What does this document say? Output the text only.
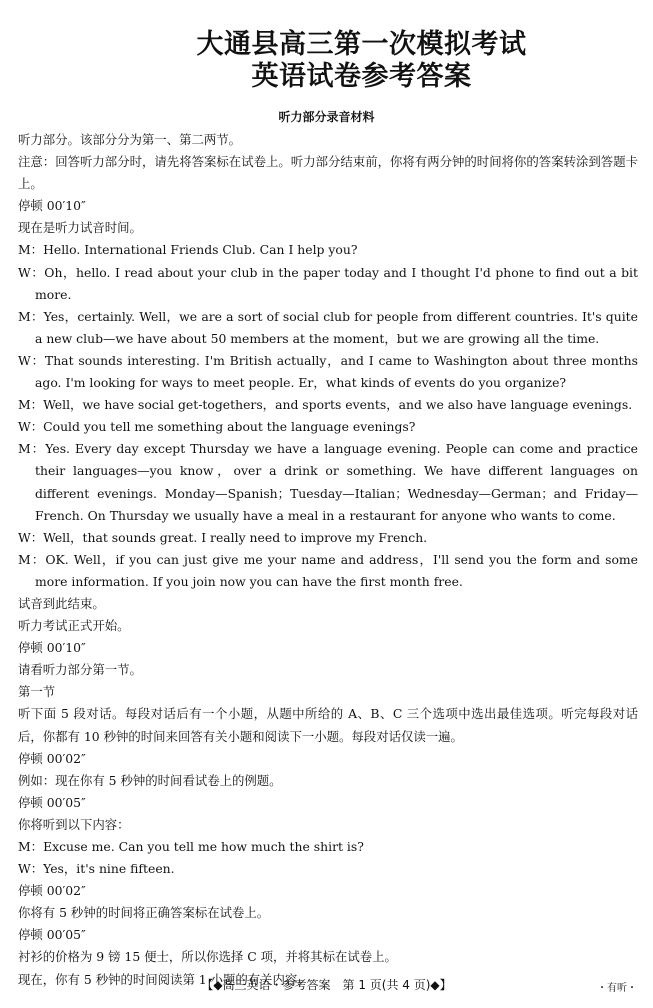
大通县高三第一次模拟考试
英语试卷参考答案
听力部分录音材料

听力部分。该部分分为第一、第二两节。

注意：回答听力部分时，请先将答案标在试卷上。听力部分结束前，你将有两分钟的时间将你的答案转涂到答题卡上。

停顿 00′10″

现在是听力试音时间。

M：Hello. International Friends Club. Can I help you?

W：Oh，hello. I read about your club in the paper today and I thought I'd phone to find out a bit more.

M：Yes，certainly. Well，we are a sort of social club for people from different countries. It's quite a new club—we have about 50 members at the moment，but we are growing all the time.

W：That sounds interesting. I'm British actually，and I came to Washington about three months ago. I'm looking for ways to meet people. Er，what kinds of events do you organize?

M：Well，we have social get-togethers，and sports events，and we also have language evenings.

W：Could you tell me something about the language evenings?

M：Yes. Every day except Thursday we have a language evening. People can come and practice their languages—you know，over a drink or something. We have different languages on different evenings. Monday—Spanish；Tuesday—Italian；Wednesday—German；and Friday—French. On Thursday we usually have a meal in a restaurant for anyone who wants to come.

W：Well，that sounds great. I really need to improve my French.

M：OK. Well，if you can just give me your name and address，I'll send you the form and some more information. If you join now you can have the first month free.

试音到此结束。

听力考试正式开始。

停顿 00′10″

请看听力部分第一节。

第一节

听下面 5 段对话。每段对话后有一个小题，从题中所给的 A、B、C 三个选项中选出最佳选项。听完每段对话后，你都有 10 秒钟的时间来回答有关小题和阅读下一小题。每段对话仅读一遍。

停顿 00′02″

例如：现在你有 5 秒钟的时间看试卷上的例题。

停顿 00′05″

你将听到以下内容：

M：Excuse me. Can you tell me how much the shirt is?

W：Yes，it's nine fifteen.

停顿 00′02″

你将有 5 秒钟的时间将正确答案标在试卷上。

停顿 00′05″

衬衫的价格为 9 镑 15 便士，所以你选择 C 项，并将其标在试卷上。

现在，你有 5 秒钟的时间阅读第 1 小题的有关内容。

【◆高三英语・参考答案　第 1 页(共 4 页)◆】	・有听・
